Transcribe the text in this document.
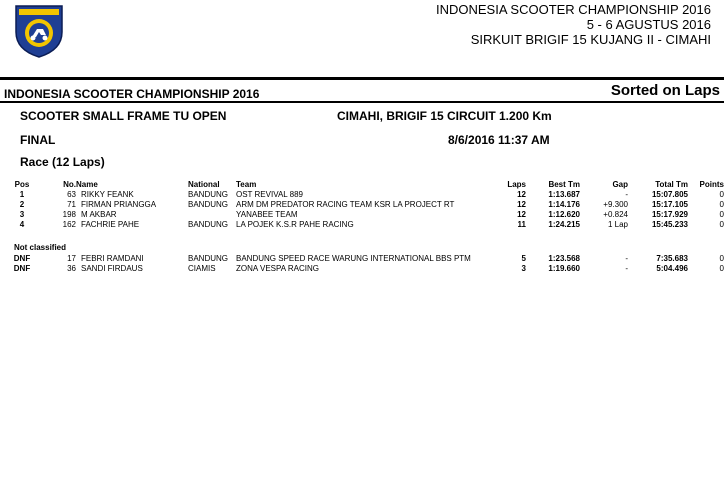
INDONESIA SCOOTER CHAMPIONSHIP 2016
5 - 6 AGUSTUS 2016
SIRKUIT BRIGIF 15 KUJANG II - CIMAHI
INDONESIA SCOOTER CHAMPIONSHIP 2016	Sorted on Laps
SCOOTER SMALL FRAME TU OPEN	CIMAHI, BRIGIF 15 CIRCUIT 1.200 Km
FINAL	8/6/2016 11:37 AM
Race (12 Laps)
Pos	No.	Name	National	Team	Laps	Best Tm	Gap	Total Tm	Points
1	63	RIKKY FEANK	BANDUNG	OST REVIVAL 889	12	1:13.687	-	15:07.805	0
2	71	FIRMAN PRIANGGA	BANDUNG	ARM DM PREDATOR RACING TEAM KSR LA PROJECT RT	12	1:14.176	+9.300	15:17.105	0
3	198	M AKBAR		YANABEE TEAM	12	1:12.620	+0.824	15:17.929	0
4	162	FACHRIE PAHE	BANDUNG	LA POJEK K.S.R PAHE RACING	11	1:24.215	1 Lap	15:45.233	0
Not classified
DNF	17	FEBRI RAMDANI	BANDUNG	BANDUNG SPEED RACE WARUNG INTERNATIONAL BBS PTM	5	1:23.568	-	7:35.683	0
DNF	36	SANDI FIRDAUS	CIAMIS	ZONA VESPA RACING	3	1:19.660	-	5:04.496	0
